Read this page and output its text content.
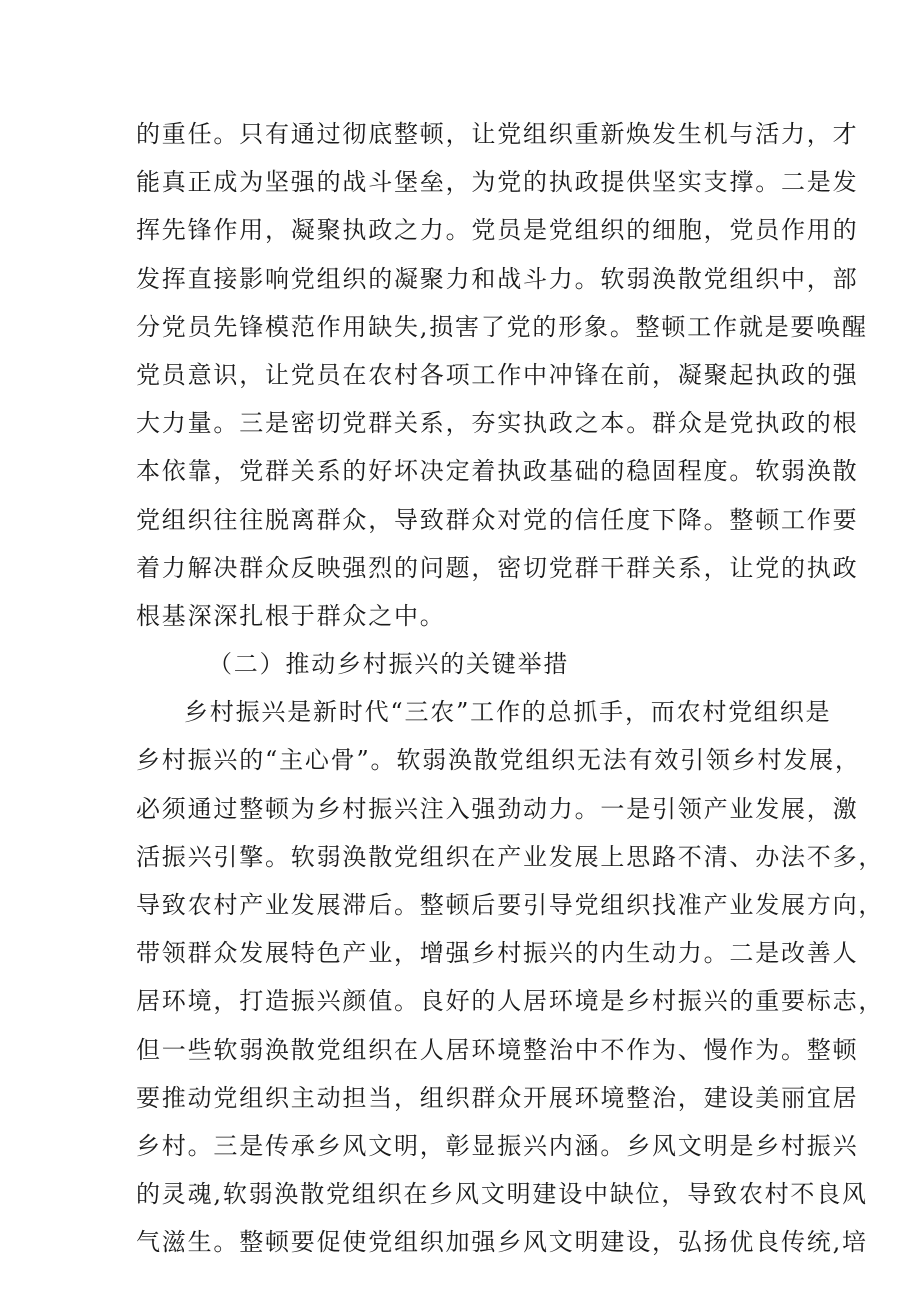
的重任。只有通过彻底整顿，让党组织重新焕发生机与活力，才
能真正成为坚强的战斗堡垒，为党的执政提供坚实支撑。二是发
挥先锋作用，凝聚执政之力。党员是党组织的细胞，党员作用的
发挥直接影响党组织的凝聚力和战斗力。软弱涣散党组织中，部
分党员先锋模范作用缺失,损害了党的形象。整顿工作就是要唤醒
党员意识，让党员在农村各项工作中冲锋在前，凝聚起执政的强
大力量。三是密切党群关系，夯实执政之本。群众是党执政的根
本依靠，党群关系的好坏决定着执政基础的稳固程度。软弱涣散
党组织往往脱离群众，导致群众对党的信任度下降。整顿工作要
着力解决群众反映强烈的问题，密切党群干群关系，让党的执政
根基深深扎根于群众之中。
（二）推动乡村振兴的关键举措
乡村振兴是新时代“三农”工作的总抓手，而农村党组织是
乡村振兴的“主心骨”。软弱涣散党组织无法有效引领乡村发展，
必须通过整顿为乡村振兴注入强劲动力。一是引领产业发展，激
活振兴引擎。软弱涣散党组织在产业发展上思路不清、办法不多，
导致农村产业发展滞后。整顿后要引导党组织找准产业发展方向，
带领群众发展特色产业，增强乡村振兴的内生动力。二是改善人
居环境，打造振兴颜值。良好的人居环境是乡村振兴的重要标志，
但一些软弱涣散党组织在人居环境整治中不作为、慢作为。整顿
要推动党组织主动担当，组织群众开展环境整治，建设美丽宜居
乡村。三是传承乡风文明，彰显振兴内涵。乡风文明是乡村振兴
的灵魂,软弱涣散党组织在乡风文明建设中缺位，导致农村不良风
气滋生。整顿要促使党组织加强乡风文明建设，弘扬优良传统,培
